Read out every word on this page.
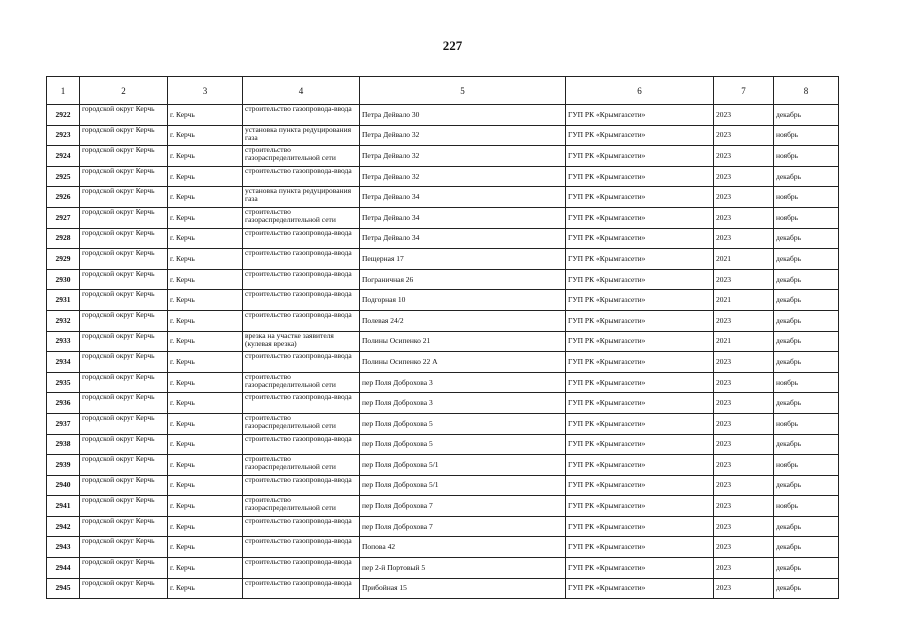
227
1	2	3	4	5	6	7	8
2922	городской округ Керчь	г. Керчь	строительство газопровода-ввода	Петра Дейвало 30	ГУП РК «Крымгазсети»	2023	декабрь
2923	городской округ Керчь	г. Керчь	установка пункта редуцирования газа	Петра Дейвало 32	ГУП РК «Крымгазсети»	2023	ноябрь
2924	городской округ Керчь	г. Керчь	строительство газораспределительной сети	Петра Дейвало 32	ГУП РК «Крымгазсети»	2023	ноябрь
2925	городской округ Керчь	г. Керчь	строительство газопровода-ввода	Петра Дейвало 32	ГУП РК «Крымгазсети»	2023	декабрь
2926	городской округ Керчь	г. Керчь	установка пункта редуцирования газа	Петра Дейвало 34	ГУП РК «Крымгазсети»	2023	ноябрь
2927	городской округ Керчь	г. Керчь	строительство газораспределительной сети	Петра Дейвало 34	ГУП РК «Крымгазсети»	2023	ноябрь
2928	городской округ Керчь	г. Керчь	строительство газопровода-ввода	Петра Дейвало 34	ГУП РК «Крымгазсети»	2023	декабрь
2929	городской округ Керчь	г. Керчь	строительство газопровода-ввода	Пещерная 17	ГУП РК «Крымгазсети»	2021	декабрь
2930	городской округ Керчь	г. Керчь	строительство газопровода-ввода	Пограничная 26	ГУП РК «Крымгазсети»	2023	декабрь
2931	городской округ Керчь	г. Керчь	строительство газопровода-ввода	Подгорная 10	ГУП РК «Крымгазсети»	2021	декабрь
2932	городской округ Керчь	г. Керчь	строительство газопровода-ввода	Полевая 24/2	ГУП РК «Крымгазсети»	2023	декабрь
2933	городской округ Керчь	г. Керчь	врезка на участке заявителя (кулевая врезка)	Полины Осипенко 21	ГУП РК «Крымгазсети»	2021	декабрь
2934	городской округ Керчь	г. Керчь	строительство газопровода-ввода	Полины Осипенко 22 А	ГУП РК «Крымгазсети»	2023	декабрь
2935	городской округ Керчь	г. Керчь	строительство газораспределительной сети	пер Поля Доброхова 3	ГУП РК «Крымгазсети»	2023	ноябрь
2936	городской округ Керчь	г. Керчь	строительство газопровода-ввода	пер Поля Доброхова 3	ГУП РК «Крымгазсети»	2023	декабрь
2937	городской округ Керчь	г. Керчь	строительство газораспределительной сети	пер Поля Доброхова 5	ГУП РК «Крымгазсети»	2023	ноябрь
2938	городской округ Керчь	г. Керчь	строительство газопровода-ввода	пер Поля Доброхова 5	ГУП РК «Крымгазсети»	2023	декабрь
2939	городской округ Керчь	г. Керчь	строительство газораспределительной сети	пер Поля Доброхова 5/1	ГУП РК «Крымгазсети»	2023	ноябрь
2940	городской округ Керчь	г. Керчь	строительство газопровода-ввода	пер Поля Доброхова 5/1	ГУП РК «Крымгазсети»	2023	декабрь
2941	городской округ Керчь	г. Керчь	строительство газораспределительной сети	пер Поля Доброхова 7	ГУП РК «Крымгазсети»	2023	ноябрь
2942	городской округ Керчь	г. Керчь	строительство газопровода-ввода	пер Поля Доброхова 7	ГУП РК «Крымгазсети»	2023	декабрь
2943	городской округ Керчь	г. Керчь	строительство газопровода-ввода	Попова 42	ГУП РК «Крымгазсети»	2023	декабрь
2944	городской округ Керчь	г. Керчь	строительство газопровода-ввода	пер 2-й Портовый 5	ГУП РК «Крымгазсети»	2023	декабрь
2945	городской округ Керчь	г. Керчь	строительство газопровода-ввода	Прибойная 15	ГУП РК «Крымгазсети»	2023	декабрь
